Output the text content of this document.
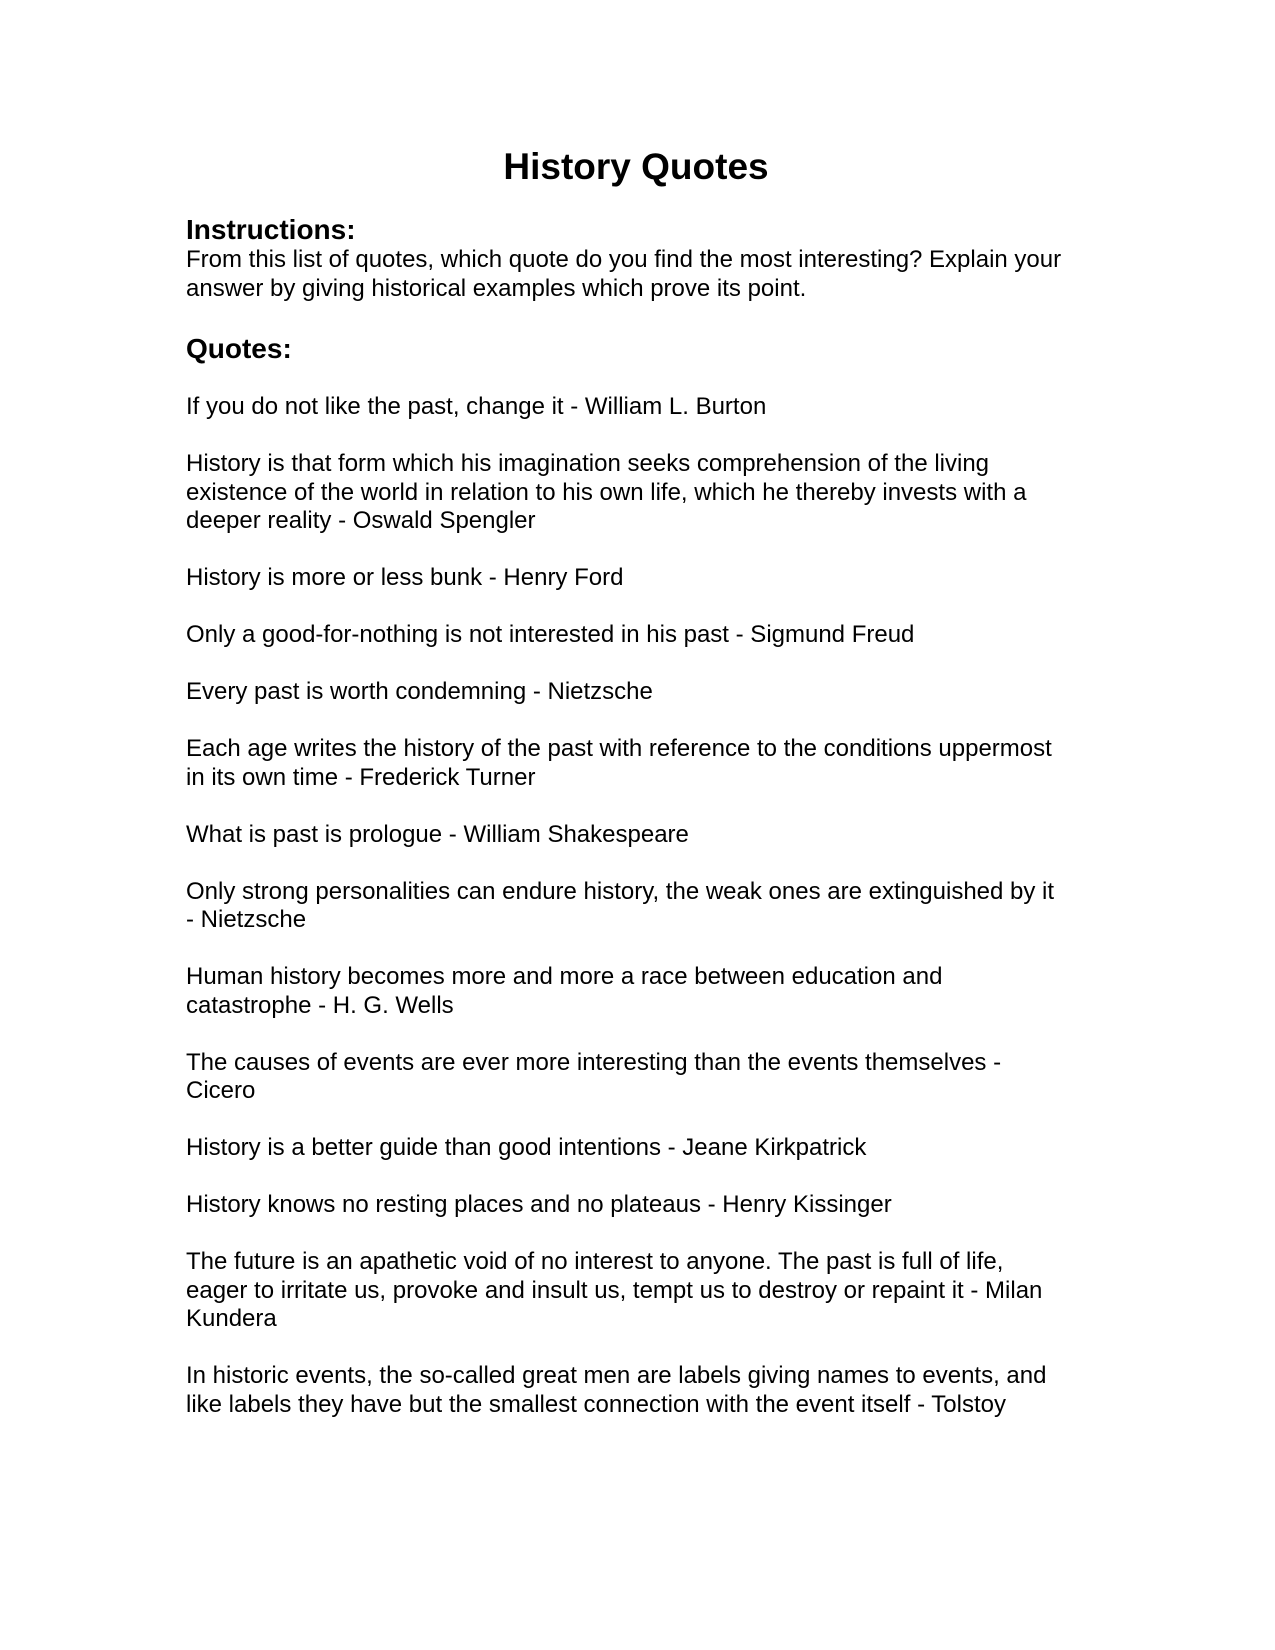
History Quotes
Instructions:

From this list of quotes, which quote do you find the most interesting? Explain your answer by giving historical examples which prove its point.

Quotes:
If you do not like the past, change it - William L. Burton
History is that form which his imagination seeks comprehension of the living existence of the world in relation to his own life, which he thereby invests with a deeper reality - Oswald Spengler
History is more or less bunk - Henry Ford
Only a good-for-nothing is not interested in his past - Sigmund Freud
Every past is worth condemning - Nietzsche
Each age writes the history of the past with reference to the conditions uppermost in its own time - Frederick Turner
What is past is prologue - William Shakespeare
Only strong personalities can endure history, the weak ones are extinguished by it - Nietzsche
Human history becomes more and more a race between education and catastrophe - H. G. Wells
The causes of events are ever more interesting than the events themselves - Cicero
History is a better guide than good intentions - Jeane Kirkpatrick
History knows no resting places and no plateaus - Henry Kissinger
The future is an apathetic void of no interest to anyone. The past is full of life, eager to irritate us, provoke and insult us, tempt us to destroy or repaint it - Milan Kundera
In historic events, the so-called great men are labels giving names to events, and like labels they have but the smallest connection with the event itself - Tolstoy
